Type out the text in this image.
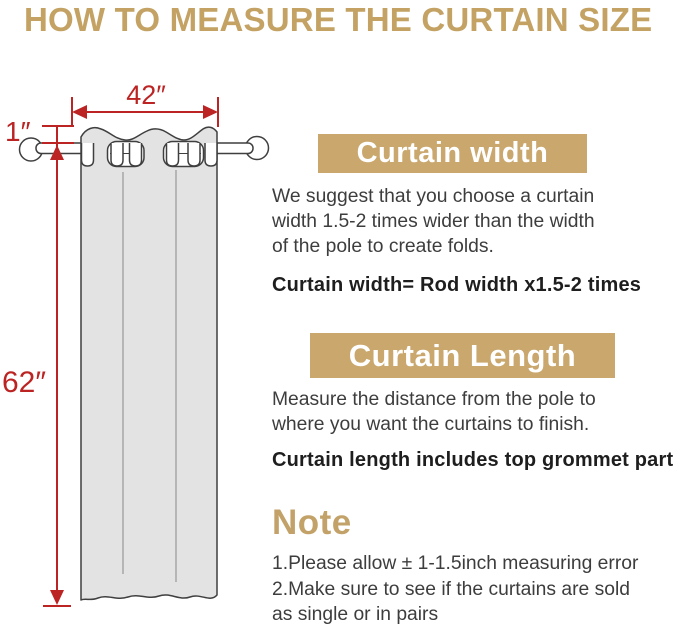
HOW TO MEASURE THE CURTAIN SIZE
42″
1″
62″
Curtain width
We suggest that you choose a curtain
width 1.5-2 times wider than the width
of the pole to create folds.
Curtain width= Rod width x1.5-2 times
Curtain Length
Measure the distance from the pole to
where you want the curtains to finish.
Curtain length includes top grommet part
Note
1.Please allow ± 1-1.5inch measuring error
2.Make sure to see if the curtains are sold
as single or in pairs
